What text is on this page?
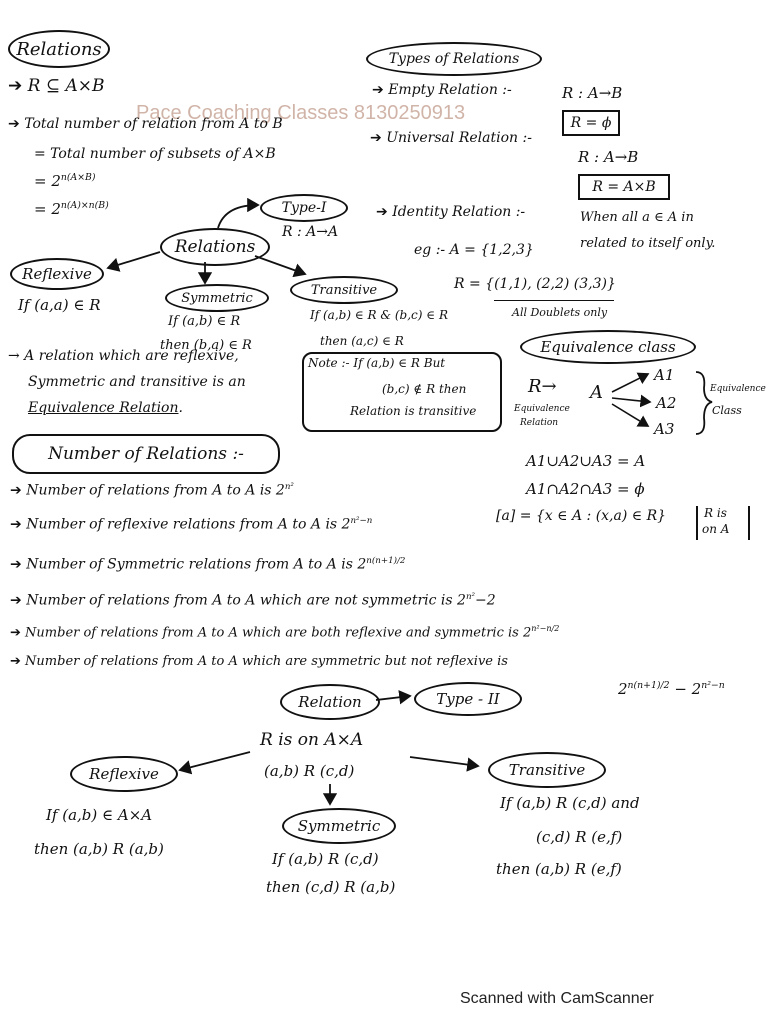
Relations
➔ R ⊆ A×B
Pace Coaching Classes 8130250913
➔ Total number of relation from A to B
= Total number of subsets of A×B
= $2^{n(A\times B)}$
= $2^{n(A)\times n(B)}$	Type-I
R : A→A
Relations
Reflexive
If (a,a) ∈ R	Symmetric
If (a,b) ∈ R
then (b,a) ∈ R
Transitive
If (a,b) ∈ R & (b,c) ∈ R
then (a,c) ∈ R
Note :- If (a,b) ∈ R But
(b,c) ∉ R then
Relation is transitive
→ A relation which are reflexive,
Symmetric and transitive is an
Equivalence Relation.
Types of Relations
➔ Empty Relation :-	R : A→B
R = ϕ
➔ Universal Relation :-
R : A→B
R = A×B
➔ Identity Relation :-	When all a ∈ A in
related to itself only.
eg :- A = {1,2,3}
R = {(1,1), (2,2) (3,3)}
All Doublets only
Equivalence class
R→ A
A1
A2
A3
Equivalence
Relation
Equivalence
Class
A1∪A2∪A3 = A
A1∩A2∩A3 = ϕ
[a] = {x ∈ A : (x,a) ∈ R}	R is
on A
Number of Relations :-
➔ Number of relations from A to A is $2^{n^2}$
➔ Number of reflexive relations from A to A is $2^{n^2-n}$
➔ Number of Symmetric relations from A to A is $2^{n(n+1)/2}$
➔ Number of relations from A to A which are not symmetric is $2^{n^2}-2$
➔ Number of relations from A to A which are both reflexive and symmetric is $2^{n^2-n/2}$
➔ Number of relations from A to A which are symmetric but not reflexive is
$2^{n(n+1)/2} - 2^{n^2-n}$
Relation	Type - II
R is on A×A
(a,b) R (c,d)
Reflexive
If (a,b) ∈ A×A
then (a,b) R (a,b)
Symmetric
If (a,b) R (c,d)
then (c,d) R (a,b)
Transitive
If (a,b) R (c,d) and
(c,d) R (e,f)
then (a,b) R (e,f)
Scanned with CamScanner
